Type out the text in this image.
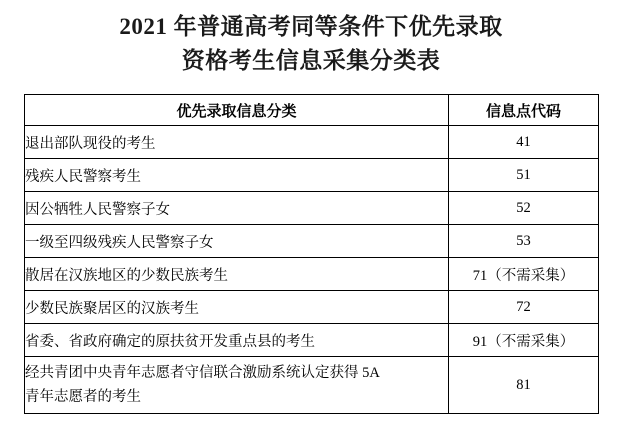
2021 年普通高考同等条件下优先录取
资格考生信息采集分类表
优先录取信息分类	信息点代码
退出部队现役的考生	41
残疾人民警察考生	51
因公牺牲人民警察子女	52
一级至四级残疾人民警察子女	53
散居在汉族地区的少数民族考生	71（不需采集）
少数民族聚居区的汉族考生	72
省委、省政府确定的原扶贫开发重点县的考生	91（不需采集）

经共青团中央青年志愿者守信联合激励系统认定获得 5A
青年志愿者的考生	81
